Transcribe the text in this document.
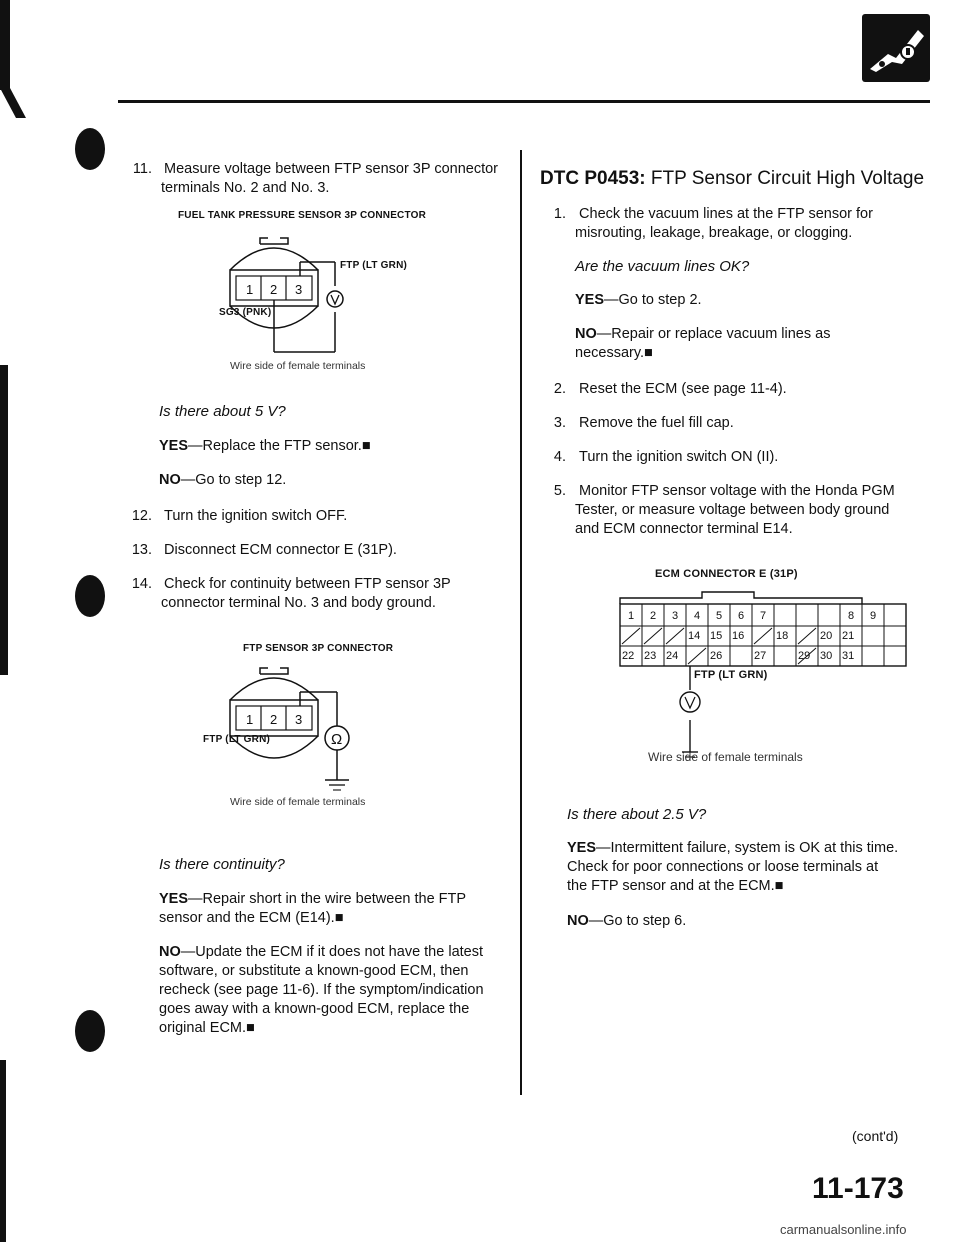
11. Measure voltage between FTP sensor 3P connector
terminals No. 2 and No. 3.
FUEL TANK PRESSURE SENSOR 3P CONNECTOR
1 2 3
FTP (LT GRN)
SG3 (PNK)
Wire side of female terminals
Is there about 5 V?
YES—Replace the FTP sensor.■
NO—Go to step 12.
12. Turn the ignition switch OFF.
13. Disconnect ECM connector E (31P).
14. Check for continuity between FTP sensor 3P
connector terminal No. 3 and body ground.
FTP SENSOR 3P CONNECTOR
1 2 3
Ω
FTP (LT GRN)
Wire side of female terminals
Is there continuity?
YES—Repair short in the wire between the FTP
sensor and the ECM (E14).■
NO—Update the ECM if it does not have the latest
software, or substitute a known-good ECM, then
recheck (see page 11-6). If the symptom/indication
goes away with a known-good ECM, replace the
original ECM.■
DTC P0453: FTP Sensor Circuit High Voltage
1. Check the vacuum lines at the FTP sensor for
misrouting, leakage, breakage, or clogging.
Are the vacuum lines OK?
YES—Go to step 2.
NO—Repair or replace vacuum lines as
necessary.■
2. Reset the ECM (see page 11-4).
3. Remove the fuel fill cap.
4. Turn the ignition switch ON (II).
5. Monitor FTP sensor voltage with the Honda PGM
Tester, or measure voltage between body ground
and ECM connector terminal E14.
ECM CONNECTOR E (31P)
1 2 3 4 5 6 7	8 9
14 15 16	18	20 21
22 23 24	26	27	29 30 31
FTP (LT GRN)
Wire side of female terminals
Is there about 2.5 V?
YES—Intermittent failure, system is OK at this time.
Check for poor connections or loose terminals at
the FTP sensor and at the ECM.■
NO—Go to step 6.
(cont'd)
11-173
carmanualsonline.info
